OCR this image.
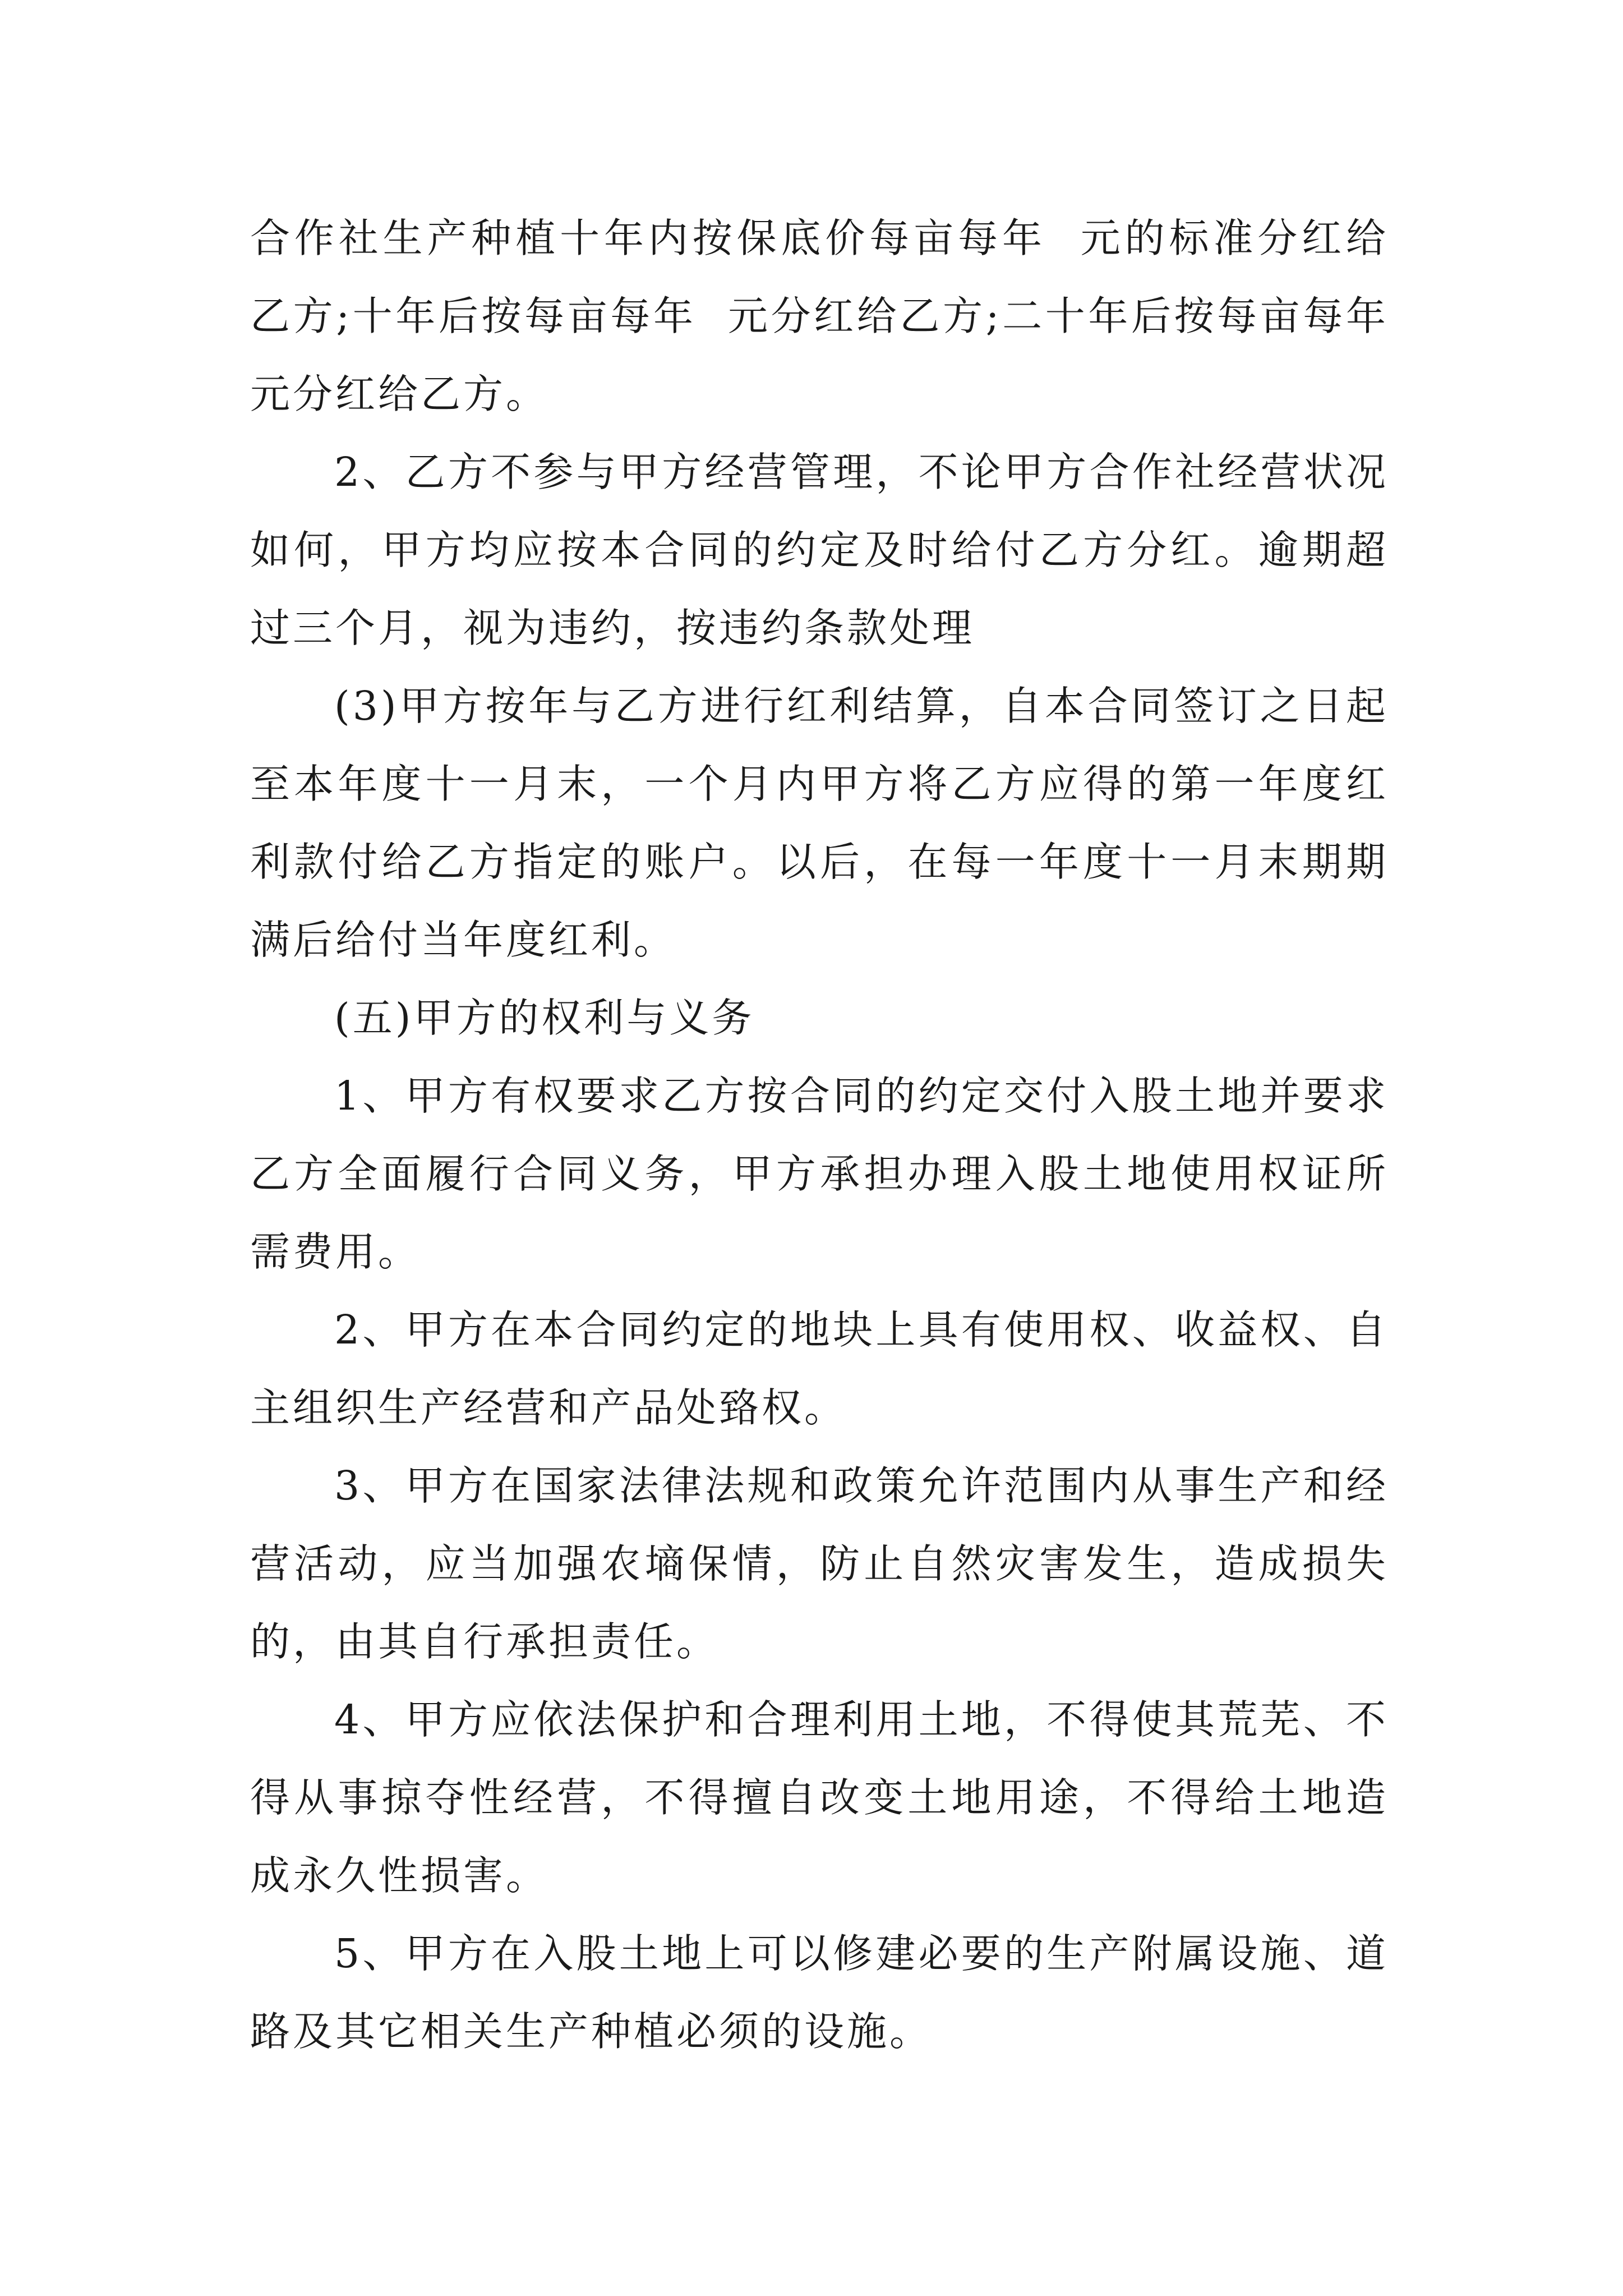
合作社生产种植十年内按保底价每亩每年  元的标准分红给乙方;十年后按每亩每年  元分红给乙方;二十年后按每亩每年  元分红给乙方。

2、乙方不参与甲方经营管理，不论甲方合作社经营状况如何，甲方均应按本合同的约定及时给付乙方分红。逾期超过三个月，视为违约，按违约条款处理

(3)甲方按年与乙方进行红利结算，自本合同签订之日起至本年度十一月末，一个月内甲方将乙方应得的第一年度红利款付给乙方指定的账户。以后，在每一年度十一月末期期满后给付当年度红利。

(五)甲方的权利与义务

1、甲方有权要求乙方按合同的约定交付入股土地并要求乙方全面履行合同义务，甲方承担办理入股土地使用权证所需费用。

2、甲方在本合同约定的地块上具有使用权、收益权、自主组织生产经营和产品处臵权。

3、甲方在国家法律法规和政策允许范围内从事生产和经营活动，应当加强农墒保情，防止自然灾害发生，造成损失的，由其自行承担责任。

4、甲方应依法保护和合理利用土地，不得使其荒芜、不得从事掠夺性经营，不得擅自改变土地用途，不得给土地造成永久性损害。

5、甲方在入股土地上可以修建必要的生产附属设施、道路及其它相关生产种植必须的设施。
